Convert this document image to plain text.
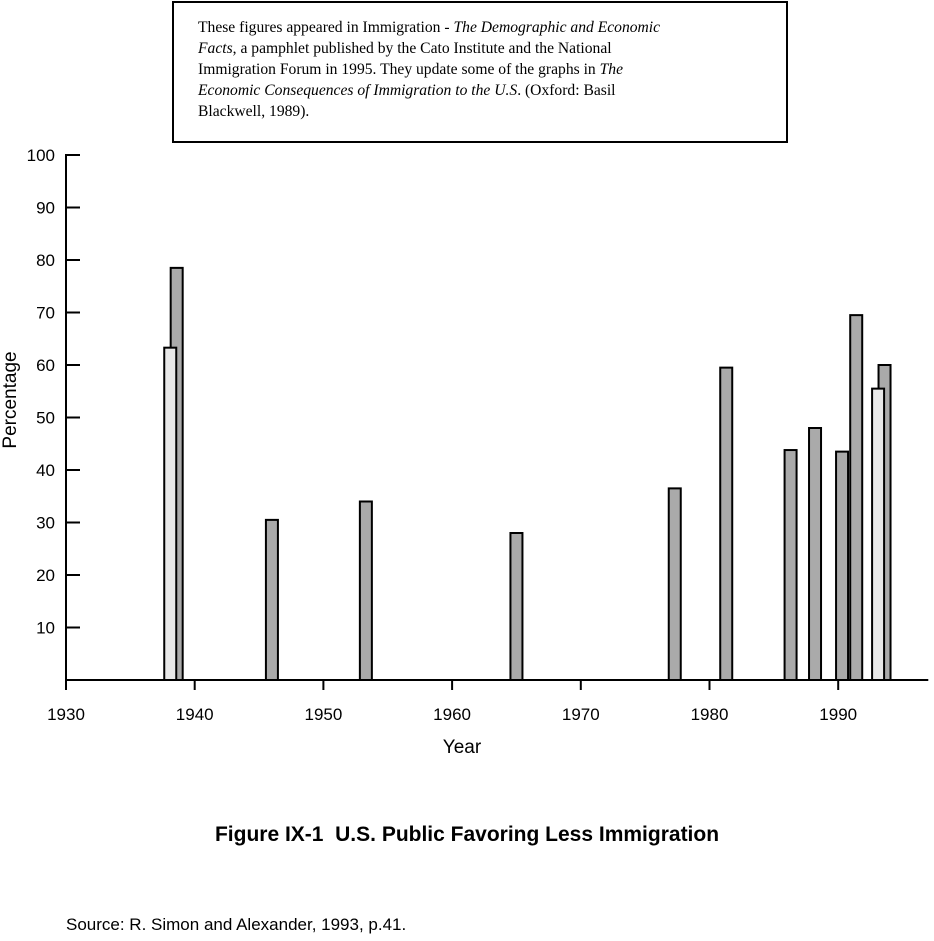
These figures appeared in Immigration - The Demographic and Economic
Facts, a pamphlet published by the Cato Institute and the National
Immigration Forum in 1995. They update some of the graphs in The
Economic Consequences of Immigration to the U.S. (Oxford: Basil
Blackwell, 1989).
10
20
30
40
50
60
70
80
90
100
1930	1940	1950	1960	1970	1980	1990
Year
Percentage
Figure IX-1  U.S. Public Favoring Less Immigration
Source: R. Simon and Alexander, 1993, p.41.
